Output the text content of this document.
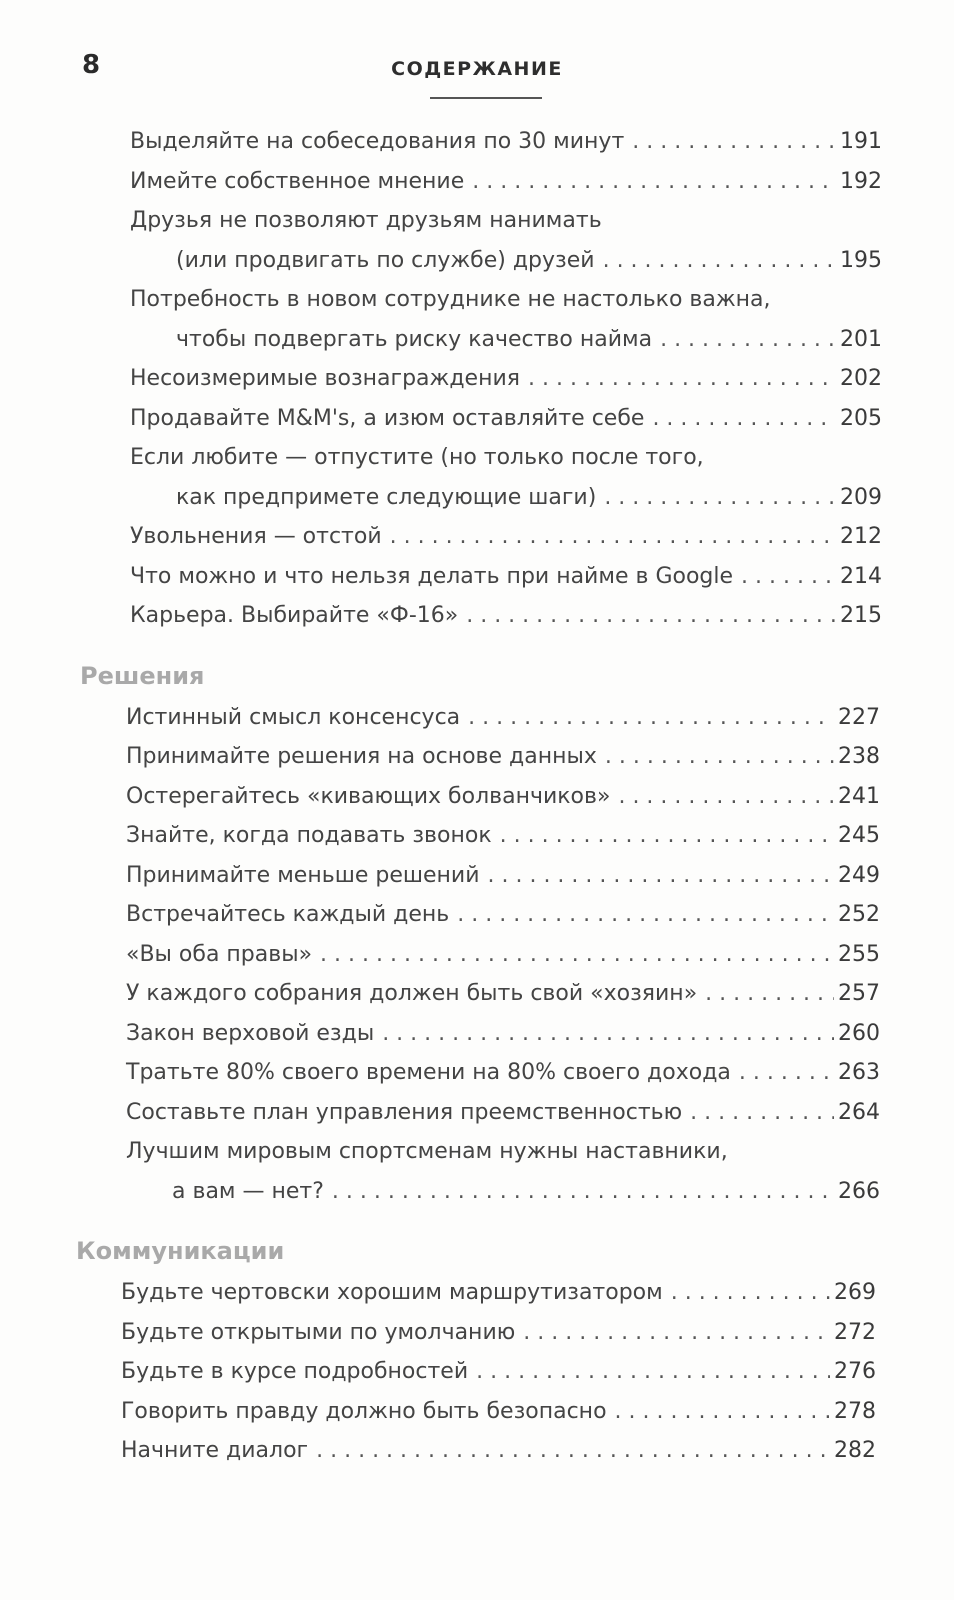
8	СОДЕРЖАНИЕ
Выделяйте на собеседования по 30 минут . . .	191
Имейте собственное мнение . . .	192
Друзья не позволяют друзьям нанимать
(или продвигать по службе) друзей . . .	195
Потребность в новом сотруднике не настолько важна,
чтобы подвергать риску качество найма . . .	201
Несоизмеримые вознаграждения . . .	202
Продавайте M&M's, а изюм оставляйте себе . . .	205
Если любите — отпустите (но только после того,
как предпримете следующие шаги) . . .	209
Увольнения — отстой . . .	212
Что можно и что нельзя делать при найме в Google . . .	214
Карьера. Выбирайте «Ф-16» . . .	215
Решения
Истинный смысл консенсуса . . .	227
Принимайте решения на основе данных . . .	238
Остерегайтесь «кивающих болванчиков» . . .	241
Знайте, когда подавать звонок . . .	245
Принимайте меньше решений . . .	249
Встречайтесь каждый день . . .	252
«Вы оба правы» . . .	255
У каждого собрания должен быть свой «хозяин» . . .	257
Закон верховой езды . . .	260
Тратьте 80% своего времени на 80% своего дохода . . .	263
Составьте план управления преемственностью . . .	264
Лучшим мировым спортсменам нужны наставники,
а вам — нет? . . .	266
Коммуникации
Будьте чертовски хорошим маршрутизатором . . .	269
Будьте открытыми по умолчанию . . .	272
Будьте в курсе подробностей . . .	276
Говорить правду должно быть безопасно . . .	278
Начните диалог . . .	282
